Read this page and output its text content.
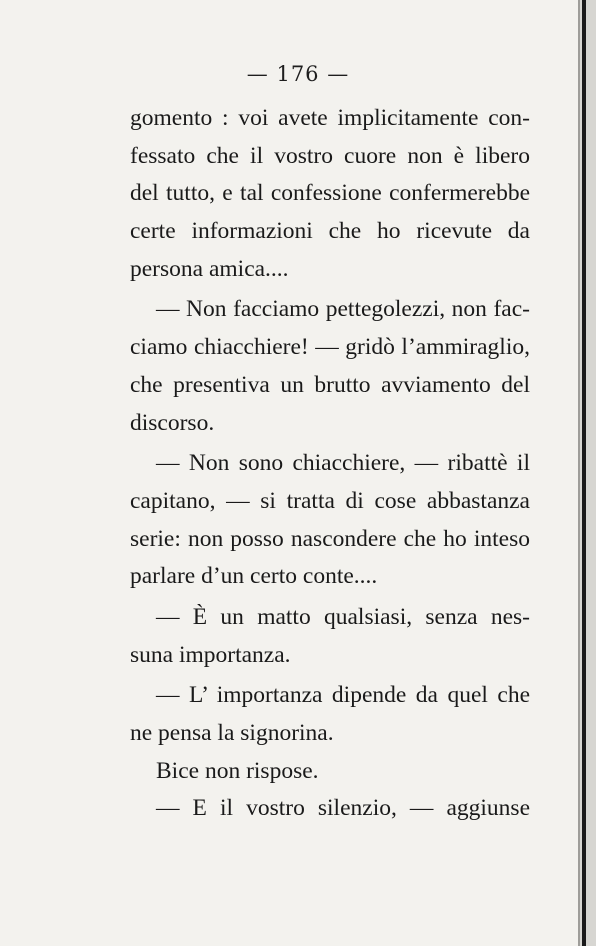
— 176 —
gomento : voi avete implicitamente con-
fessato che il vostro cuore non è libero
del tutto, e tal confessione confermerebbe
certe informazioni che ho ricevute da
persona amica....
— Non facciamo pettegolezzi, non fac-
ciamo chiacchiere! — gridò l’ammiraglio,
che presentiva un brutto avviamento del
discorso.
— Non sono chiacchiere, — ribattè il
capitano, — si tratta di cose abbastanza
serie: non posso nascondere che ho inteso
parlare d’un certo conte....
— È un matto qualsiasi, senza nes-
suna importanza.
— L’ importanza dipende da quel che
ne pensa la signorina.
Bice non rispose.
— E il vostro silenzio, — aggiunse
